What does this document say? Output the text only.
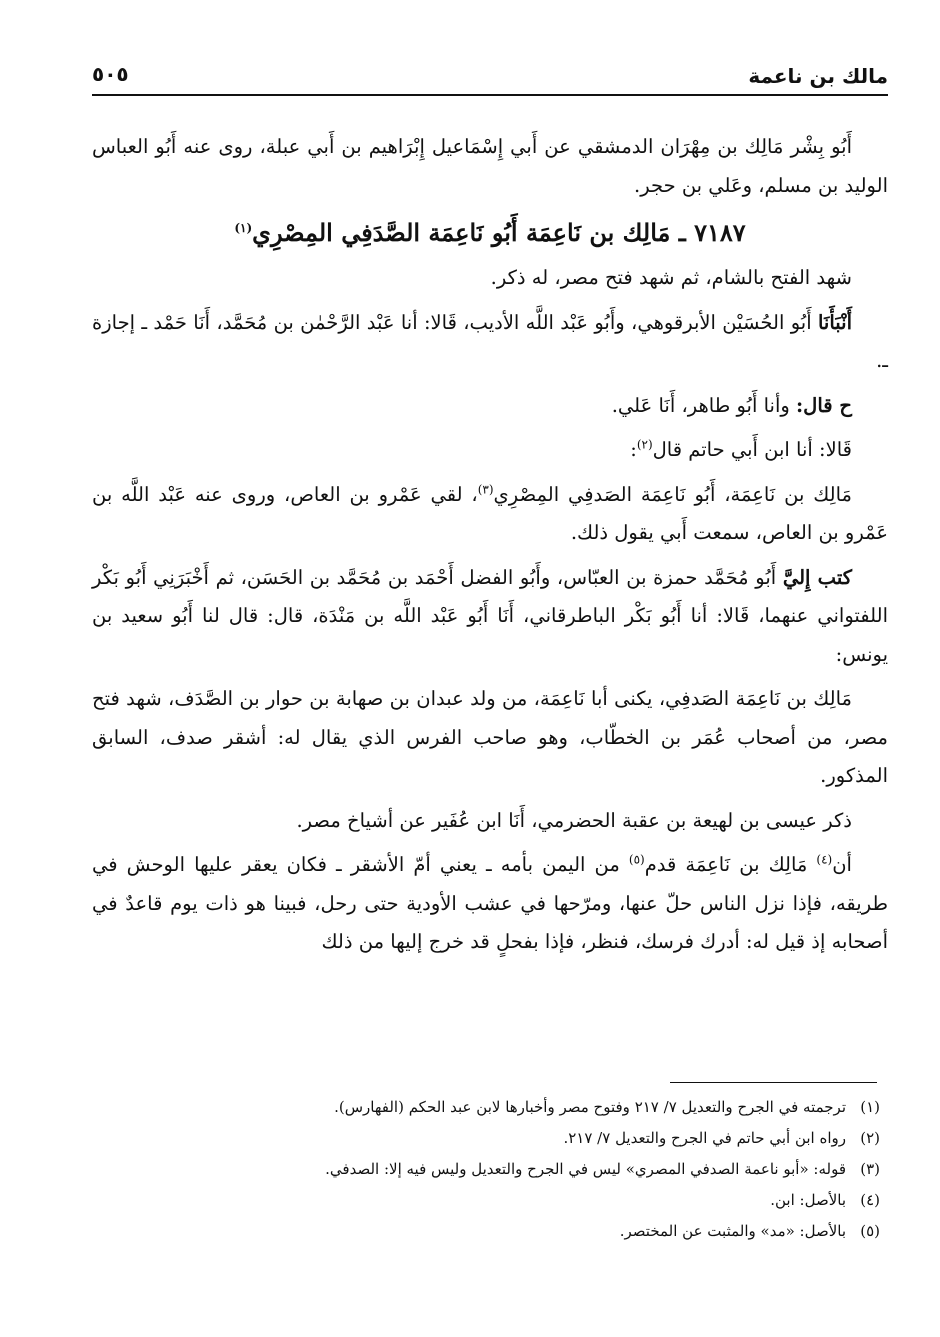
مالك بن ناعمة
٥٠٥

أَبُو بِشْر مَالِك بن مِهْرَان الدمشقي عن أَبي إِسْمَاعيل إِبْرَاهيم بن أَبي عبلة، روى عنه أَبُو العباس الوليد بن مسلم، وعَلي بن حجر.

٧١٨٧ ـ مَالِك بن نَاعِمَة أَبُو نَاعِمَة الصَّدَفِي المِصْرِي$^{(١)}$

شهد الفتح بالشام، ثم شهد فتح مصر، له ذكر.

أَنْبَأَنَا أَبُو الحُسَيْن الأبرقوهي، وأَبُو عَبْد اللَّه الأديب، قَالا: أنا عَبْد الرَّحْمٰن بن مُحَمَّد، أَنَا حَمْد ـ إجازة ـ.

ح قال: وأنا أَبُو طاهر، أَنَا عَلي.

قَالا: أنا ابن أَبي حاتم قال$^{(٢)}$:

مَالِك بن نَاعِمَة، أَبُو نَاعِمَة الصَدفِي المِصْرِي$^{(٣)}$، لقي عَمْرو بن العاص، وروى عنه عَبْد اللَّه بن عَمْرو بن العاص، سمعت أَبي يقول ذلك.

كتب إِليَّ أَبُو مُحَمَّد حمزة بن العبّاس، وأَبُو الفضل أَحْمَد بن مُحَمَّد بن الحَسَن، ثم أَخْبَرَنِي أَبُو بَكْر اللفتواني عنهما، قَالا: أنا أَبُو بَكْر الباطرقاني، أَنَا أَبُو عَبْد اللَّه بن مَنْدَة، قال: قال لنا أَبُو سعيد بن يونس:

مَالِك بن نَاعِمَة الصَدفِي، يكنى أبا نَاعِمَة، من ولد عبدان بن صهابة بن حوار بن الصَّدَف، شهد فتح مصر، من أصحاب عُمَر بن الخطّاب، وهو صاحب الفرس الذي يقال له: أشقر صدف، السابق المذكور.

ذكر عيسى بن لهيعة بن عقبة الحضرمي، أَنَا ابن عُفَير عن أشياخ مصر.

أن$^{(٤)}$ مَالِك بن نَاعِمَة قدم$^{(٥)}$ من اليمن بأمه ـ يعني أمّ الأشقر ـ فكان يعقر عليها الوحش في طريقه، فإذا نزل الناس حلّ عنها، ومرّحها في عشب الأودية حتى رحل، فبينا هو ذات يوم قاعدٌ في أصحابه إذ قيل له: أدرك فرسك، فنظر، فإذا بفحلٍ قد خرج إليها من ذلك

(١)ترجمته في الجرح والتعديل ٧/ ٢١٧ وفتوح مصر وأخبارها لابن عبد الحكم (الفهارس).
(٢)رواه ابن أبي حاتم في الجرح والتعديل ٧/ ٢١٧.
(٣)قوله: «أبو ناعمة الصدفي المصري» ليس في الجرح والتعديل وليس فيه إلا: الصدفي.
(٤)بالأصل: ابن.
(٥)بالأصل: «مد» والمثبت عن المختصر.
